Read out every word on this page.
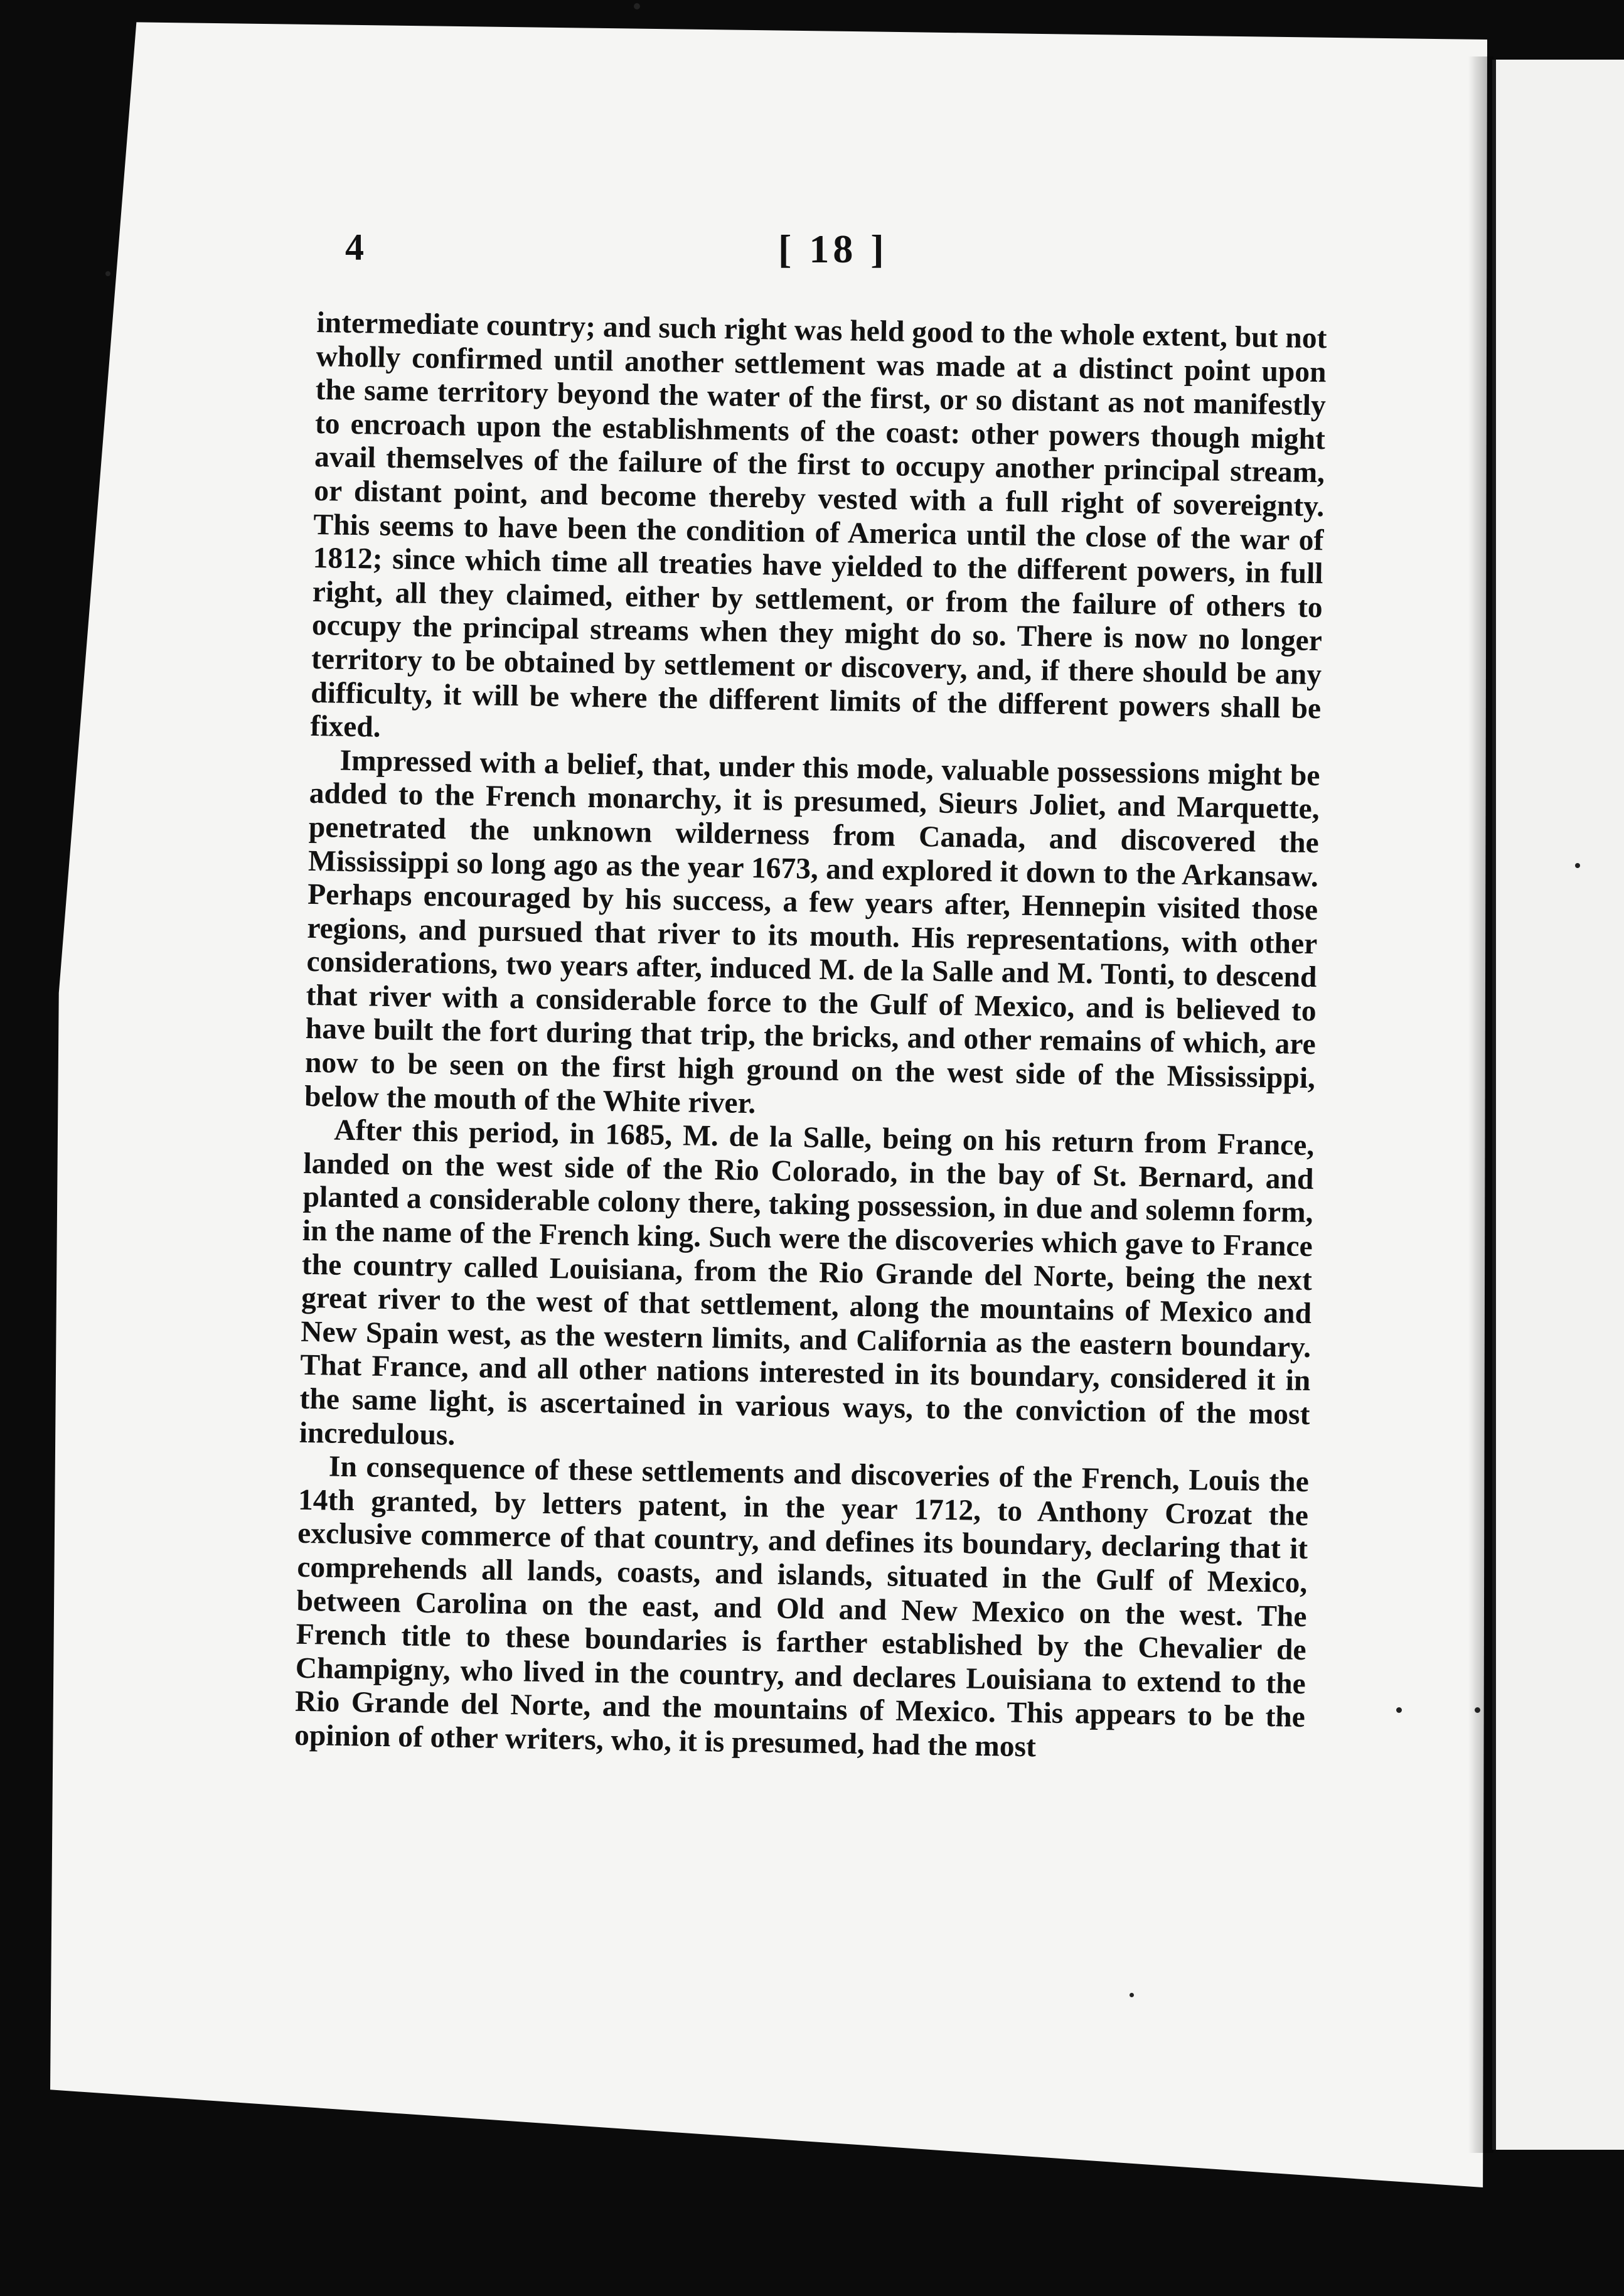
4	[ 18 ]

intermediate country; and such right was held good to the whole extent, but not wholly confirmed until another settlement was made at a distinct point upon the same territory beyond the water of the first, or so distant as not manifestly to encroach upon the establishments of the coast: other powers though might avail themselves of the failure of the first to occupy another principal stream, or distant point, and become thereby vested with a full right of sovereignty. This seems to have been the condition of America until the close of the war of 1812; since which time all treaties have yielded to the different powers, in full right, all they claimed, either by settlement, or from the failure of others to occupy the principal streams when they might do so. There is now no longer territory to be obtained by settlement or discovery, and, if there should be any difficulty, it will be where the different limits of the different powers shall be fixed.

Impressed with a belief, that, under this mode, valuable possessions might be added to the French monarchy, it is presumed, Sieurs Joliet, and Marquette, penetrated the unknown wilderness from Canada, and discovered the Mississippi so long ago as the year 1673, and explored it down to the Arkansaw. Perhaps encouraged by his success, a few years after, Hennepin visited those regions, and pursued that river to its mouth. His representations, with other considerations, two years after, induced M. de la Salle and M. Tonti, to descend that river with a considerable force to the Gulf of Mexico, and is believed to have built the fort during that trip, the bricks, and other remains of which, are now to be seen on the first high ground on the west side of the Mississippi, below the mouth of the White river.

After this period, in 1685, M. de la Salle, being on his return from France, landed on the west side of the Rio Colorado, in the bay of St. Bernard, and planted a considerable colony there, taking possession, in due and solemn form, in the name of the French king. Such were the discoveries which gave to France the country called Louisiana, from the Rio Grande del Norte, being the next great river to the west of that settlement, along the mountains of Mexico and New Spain west, as the western limits, and California as the eastern boundary. That France, and all other nations interested in its boundary, considered it in the same light, is ascertained in various ways, to the conviction of the most incredulous.

In consequence of these settlements and discoveries of the French, Louis the 14th granted, by letters patent, in the year 1712, to Anthony Crozat the exclusive commerce of that country, and defines its boundary, declaring that it comprehends all lands, coasts, and islands, situated in the Gulf of Mexico, between Carolina on the east, and Old and New Mexico on the west. The French title to these boundaries is farther established by the Chevalier de Champigny, who lived in the country, and declares Louisiana to extend to the Rio Grande del Norte, and the mountains of Mexico. This appears to be the opinion of other writers, who, it is presumed, had the most
